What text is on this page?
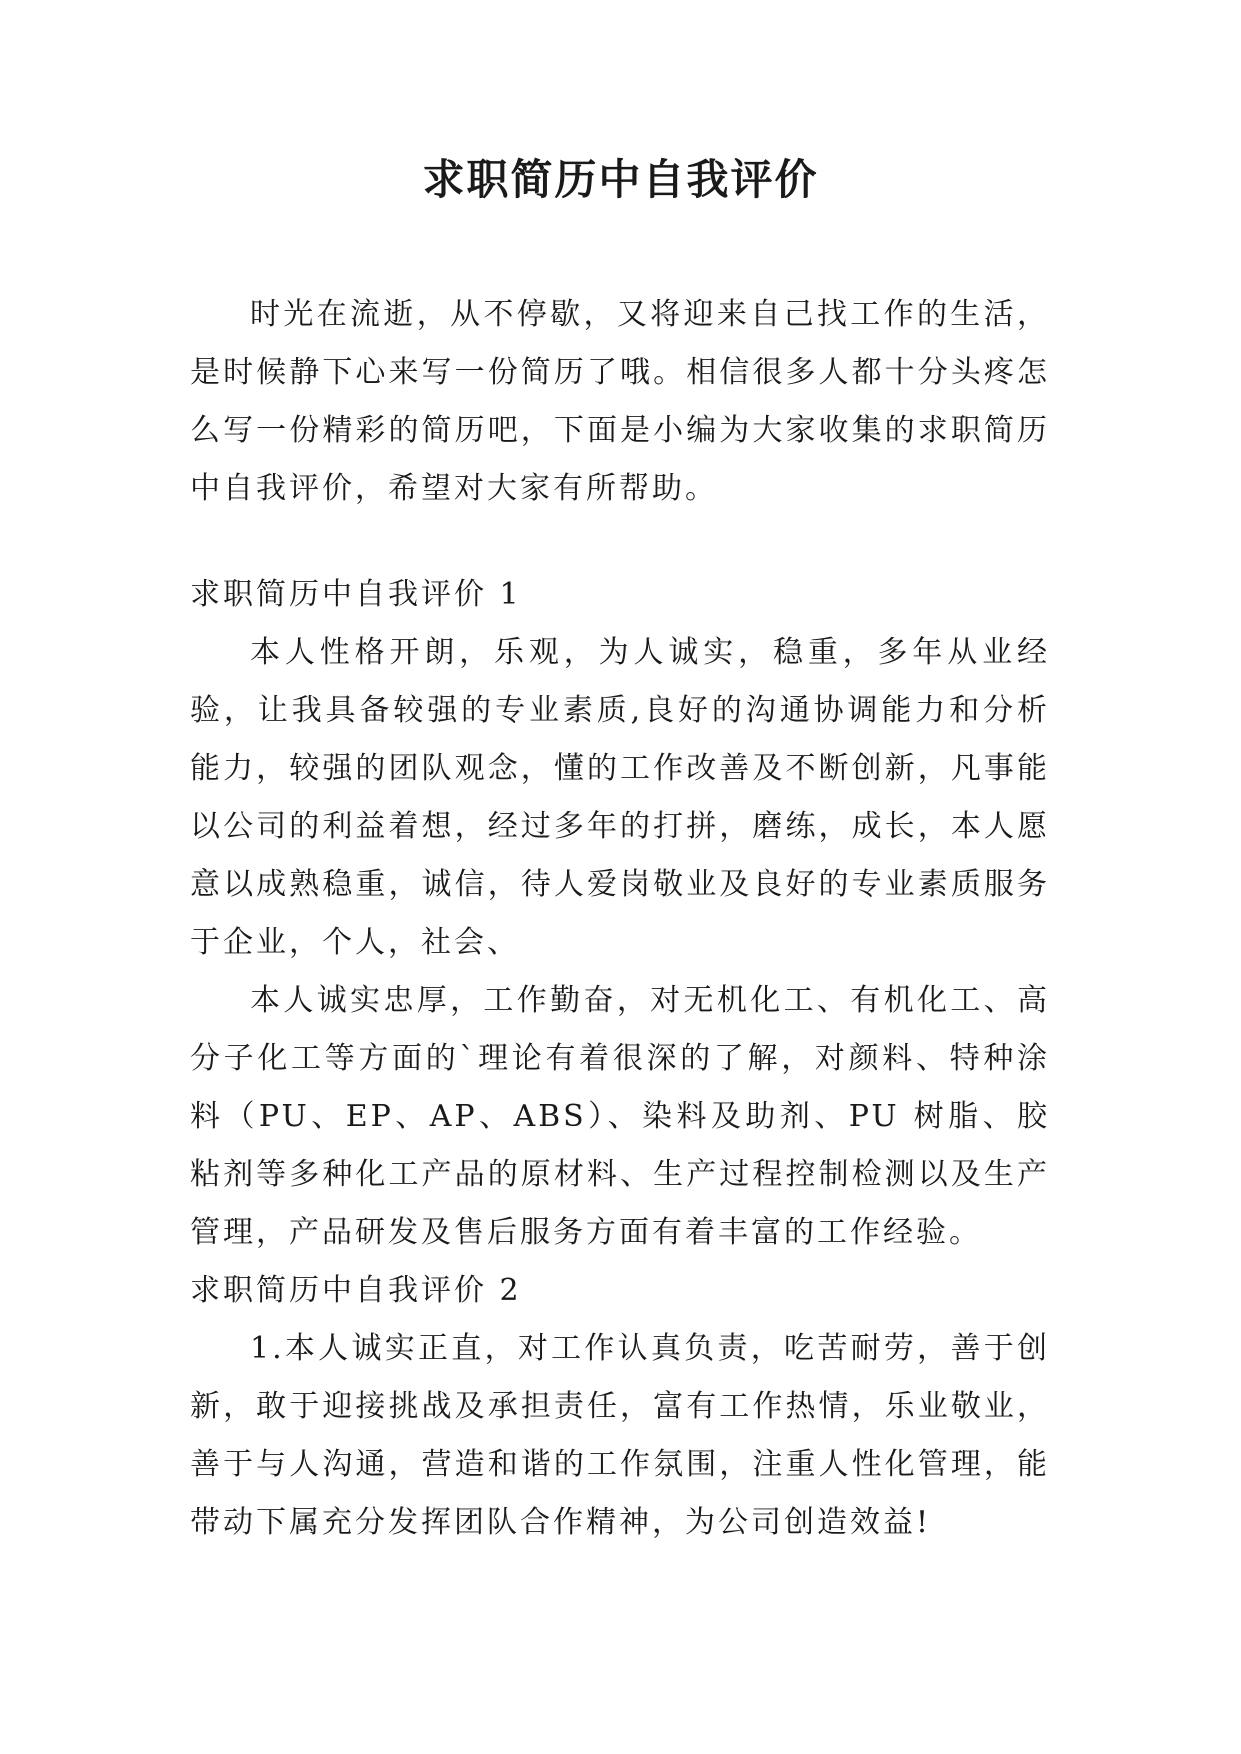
求职简历中自我评价

时光在流逝，从不停歇，又将迎来自己找工作的生活，是时候静下心来写一份简历了哦。相信很多人都十分头疼怎么写一份精彩的简历吧，下面是小编为大家收集的求职简历中自我评价，希望对大家有所帮助。

求职简历中自我评价 1

本人性格开朗，乐观，为人诚实，稳重，多年从业经验，让我具备较强的专业素质,良好的沟通协调能力和分析能力，较强的团队观念，懂的工作改善及不断创新，凡事能以公司的利益着想，经过多年的打拼，磨练，成长，本人愿意以成熟稳重，诚信，待人爱岗敬业及良好的专业素质服务于企业，个人，社会、

本人诚实忠厚，工作勤奋，对无机化工、有机化工、高分子化工等方面的`理论有着很深的了解，对颜料、特种涂料（PU、EP、AP、ABS）、染料及助剂、PU 树脂、胶粘剂等多种化工产品的原材料、生产过程控制检测以及生产管理，产品研发及售后服务方面有着丰富的工作经验。

求职简历中自我评价 2

1.本人诚实正直，对工作认真负责，吃苦耐劳，善于创新，敢于迎接挑战及承担责任，富有工作热情，乐业敬业，善于与人沟通，营造和谐的工作氛围，注重人性化管理，能带动下属充分发挥团队合作精神，为公司创造效益!
